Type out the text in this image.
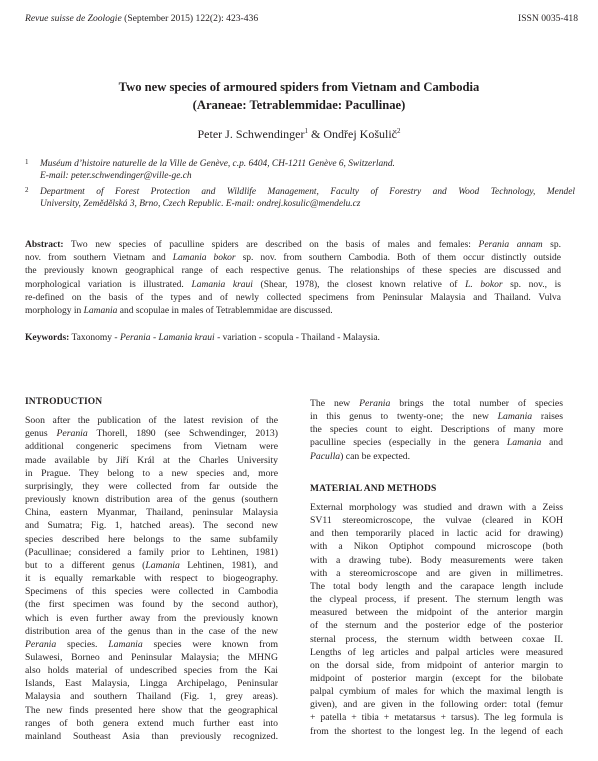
Revue suisse de Zoologie (September 2015) 122(2): 423-436	ISSN 0035-418
Two new species of armoured spiders from Vietnam and Cambodia
(Araneae: Tetrablemmidae: Pacullinae)
Peter J. Schwendinger$^1$ & Ondřej Košulič$^2$
1 Muséum d’histoire naturelle de la Ville de Genève, c.p. 6404, CH-1211 Genève 6, Switzerland.
E-mail: peter.schwendinger@ville-ge.ch
2 Department of Forest Protection and Wildlife Management, Faculty of Forestry and Wood Technology, Mendel
University, Zemědělská 3, Brno, Czech Republic. E-mail: ondrej.kosulic@mendelu.cz
Abstract: Two new species of paculline spiders are described on the basis of males and females: Perania annam sp.
nov. from southern Vietnam and Lamania bokor sp. nov. from southern Cambodia. Both of them occur distinctly outside
the previously known geographical range of each respective genus. The relationships of these species are discussed and
morphological variation is illustrated. Lamania kraui (Shear, 1978), the closest known relative of L. bokor sp. nov., is
re-defined on the basis of the types and of newly collected specimens from Peninsular Malaysia and Thailand. Vulva
morphology in Lamania and scopulae in males of Tetrablemmidae are discussed.
Keywords: Taxonomy - Perania - Lamania kraui - variation - scopula - Thailand - Malaysia.
INTRODUCTION
Soon after the publication of the latest revision of the
genus Perania Thorell, 1890 (see Schwendinger, 2013)
additional congeneric specimens from Vietnam were
made available by Jiří Král at the Charles University
in Prague. They belong to a new species and, more
surprisingly, they were collected from far outside the
previously known distribution area of the genus (southern
China, eastern Myanmar, Thailand, peninsular Malaysia
and Sumatra; Fig. 1, hatched areas). The second new
species described here belongs to the same subfamily
(Pacullinae; considered a family prior to Lehtinen, 1981)
but to a different genus (Lamania Lehtinen, 1981), and
it is equally remarkable with respect to biogeography.
Specimens of this species were collected in Cambodia
(the first specimen was found by the second author),
which is even further away from the previously known
distribution area of the genus than in the case of the new
Perania species. Lamania species were known from
Sulawesi, Borneo and Peninsular Malaysia; the MHNG
also holds material of undescribed species from the Kai
Islands, East Malaysia, Lingga Archipelago, Peninsular
Malaysia and southern Thailand (Fig. 1, grey areas).
The new finds presented here show that the geographical
ranges of both genera extend much further east into
mainland Southeast Asia than previously recognized.
The new Perania brings the total number of species
in this genus to twenty-one; the new Lamania raises
the species count to eight. Descriptions of many more
paculline species (especially in the genera Lamania and
Paculla) can be expected.
MATERIAL AND METHODS
External morphology was studied and drawn with a Zeiss
SV11 stereomicroscope, the vulvae (cleared in KOH
and then temporarily placed in lactic acid for drawing)
with a Nikon Optiphot compound microscope (both
with a drawing tube). Body measurements were taken
with a stereomicroscope and are given in millimetres.
The total body length and the carapace length include
the clypeal process, if present. The sternum length was
measured between the midpoint of the anterior margin
of the sternum and the posterior edge of the posterior
sternal process, the sternum width between coxae II.
Lengths of leg articles and palpal articles were measured
on the dorsal side, from midpoint of anterior margin to
midpoint of posterior margin (except for the bilobate
palpal cymbium of males for which the maximal length is
given), and are given in the following order: total (femur
+ patella + tibia + metatarsus + tarsus). The leg formula is
from the shortest to the longest leg. In the legend of each
